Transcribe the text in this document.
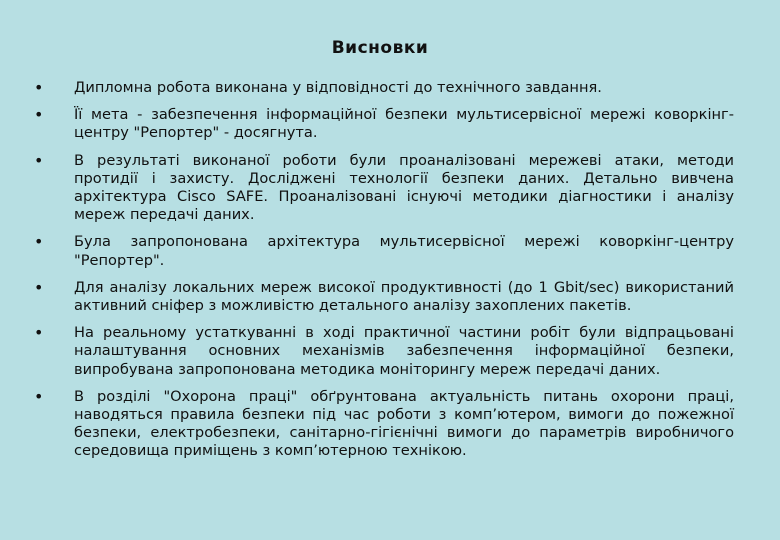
Висновки
• Дипломна робота виконана у відповідності до технічного завдання.
• Її мета - забезпечення інформаційної безпеки мультисервісної мережі коворкінг-центру "Репортер" - досягнута.
• В результаті виконаної роботи були проаналізовані мережеві атаки, методи протидії і захисту. Досліджені технології безпеки даних. Детально вивчена архітектура Cisco SAFE. Проаналізовані існуючі методики діагностики і аналізу мереж передачі даних.
• Була запропонована архітектура мультисервісної мережі коворкінг-центру "Репортер".
• Для аналізу локальних мереж високої продуктивності (до 1 Gbit/sec) використаний активний сніфер з можливістю детального аналізу захоплених пакетів.
• На реальному устаткуванні в ході практичної частини робіт були відпрацьовані налаштування основних механізмів забезпечення інформаційної безпеки, випробувана запропонована методика моніторингу мереж передачі даних.
• В розділі "Охорона праці" обґрунтована актуальність питань охорони праці, наводяться правила безпеки під час роботи з комп’ютером, вимоги до пожежної безпеки, електробезпеки, санітарно-гігієнічні вимоги до параметрів виробничого середовища приміщень з комп’ютерною технікою.
